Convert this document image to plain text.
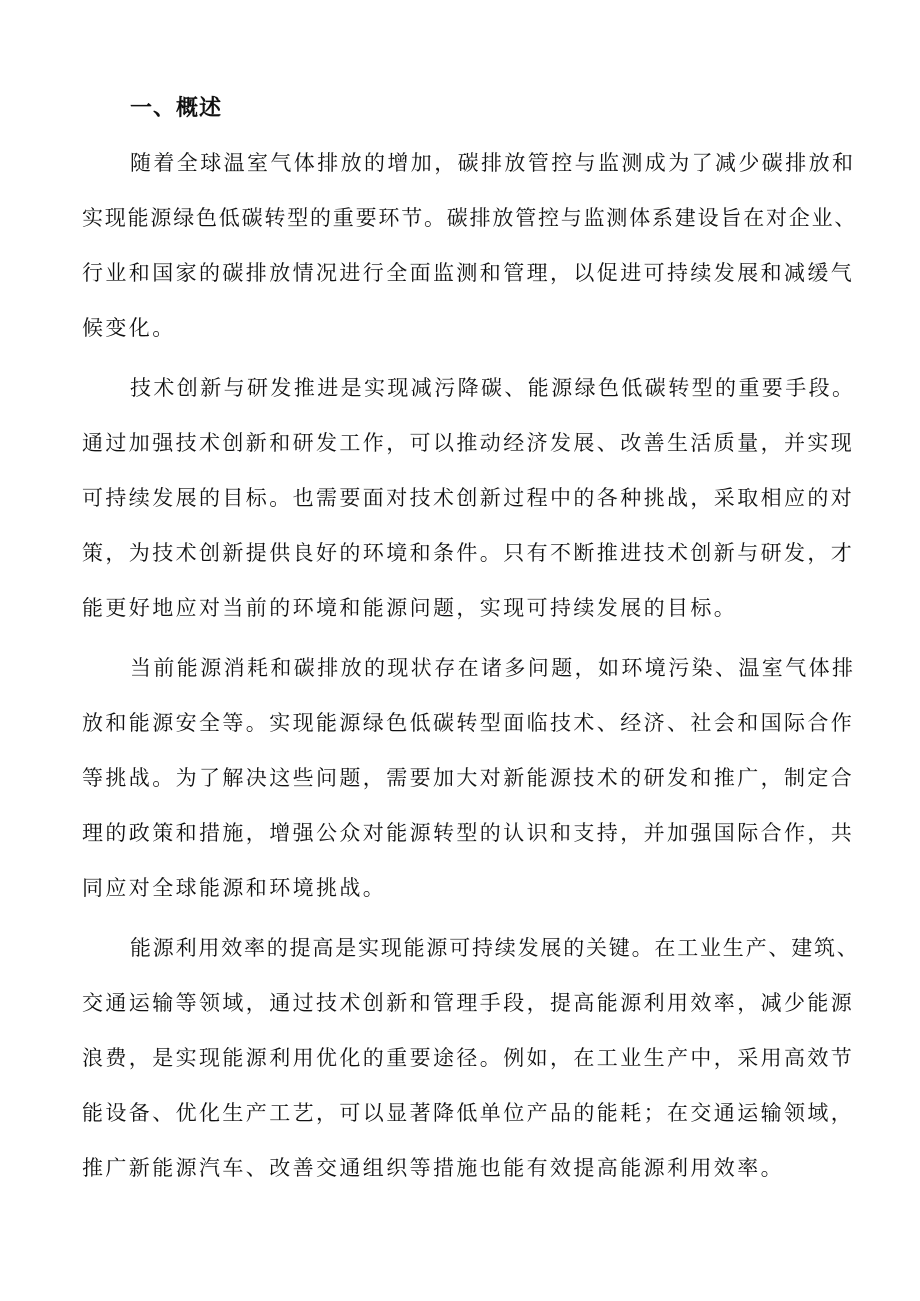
一、概述
随着全球温室气体排放的增加，碳排放管控与监测成为了减少碳排放和
实现能源绿色低碳转型的重要环节。碳排放管控与监测体系建设旨在对企业、
行业和国家的碳排放情况进行全面监测和管理，以促进可持续发展和减缓气
候变化。
技术创新与研发推进是实现减污降碳、能源绿色低碳转型的重要手段。
通过加强技术创新和研发工作，可以推动经济发展、改善生活质量，并实现
可持续发展的目标。也需要面对技术创新过程中的各种挑战，采取相应的对
策，为技术创新提供良好的环境和条件。只有不断推进技术创新与研发，才
能更好地应对当前的环境和能源问题，实现可持续发展的目标。
当前能源消耗和碳排放的现状存在诸多问题，如环境污染、温室气体排
放和能源安全等。实现能源绿色低碳转型面临技术、经济、社会和国际合作
等挑战。为了解决这些问题，需要加大对新能源技术的研发和推广，制定合
理的政策和措施，增强公众对能源转型的认识和支持，并加强国际合作，共
同应对全球能源和环境挑战。
能源利用效率的提高是实现能源可持续发展的关键。在工业生产、建筑、
交通运输等领域，通过技术创新和管理手段，提高能源利用效率，减少能源
浪费，是实现能源利用优化的重要途径。例如，在工业生产中，采用高效节
能设备、优化生产工艺，可以显著降低单位产品的能耗；在交通运输领域，
推广新能源汽车、改善交通组织等措施也能有效提高能源利用效率。
